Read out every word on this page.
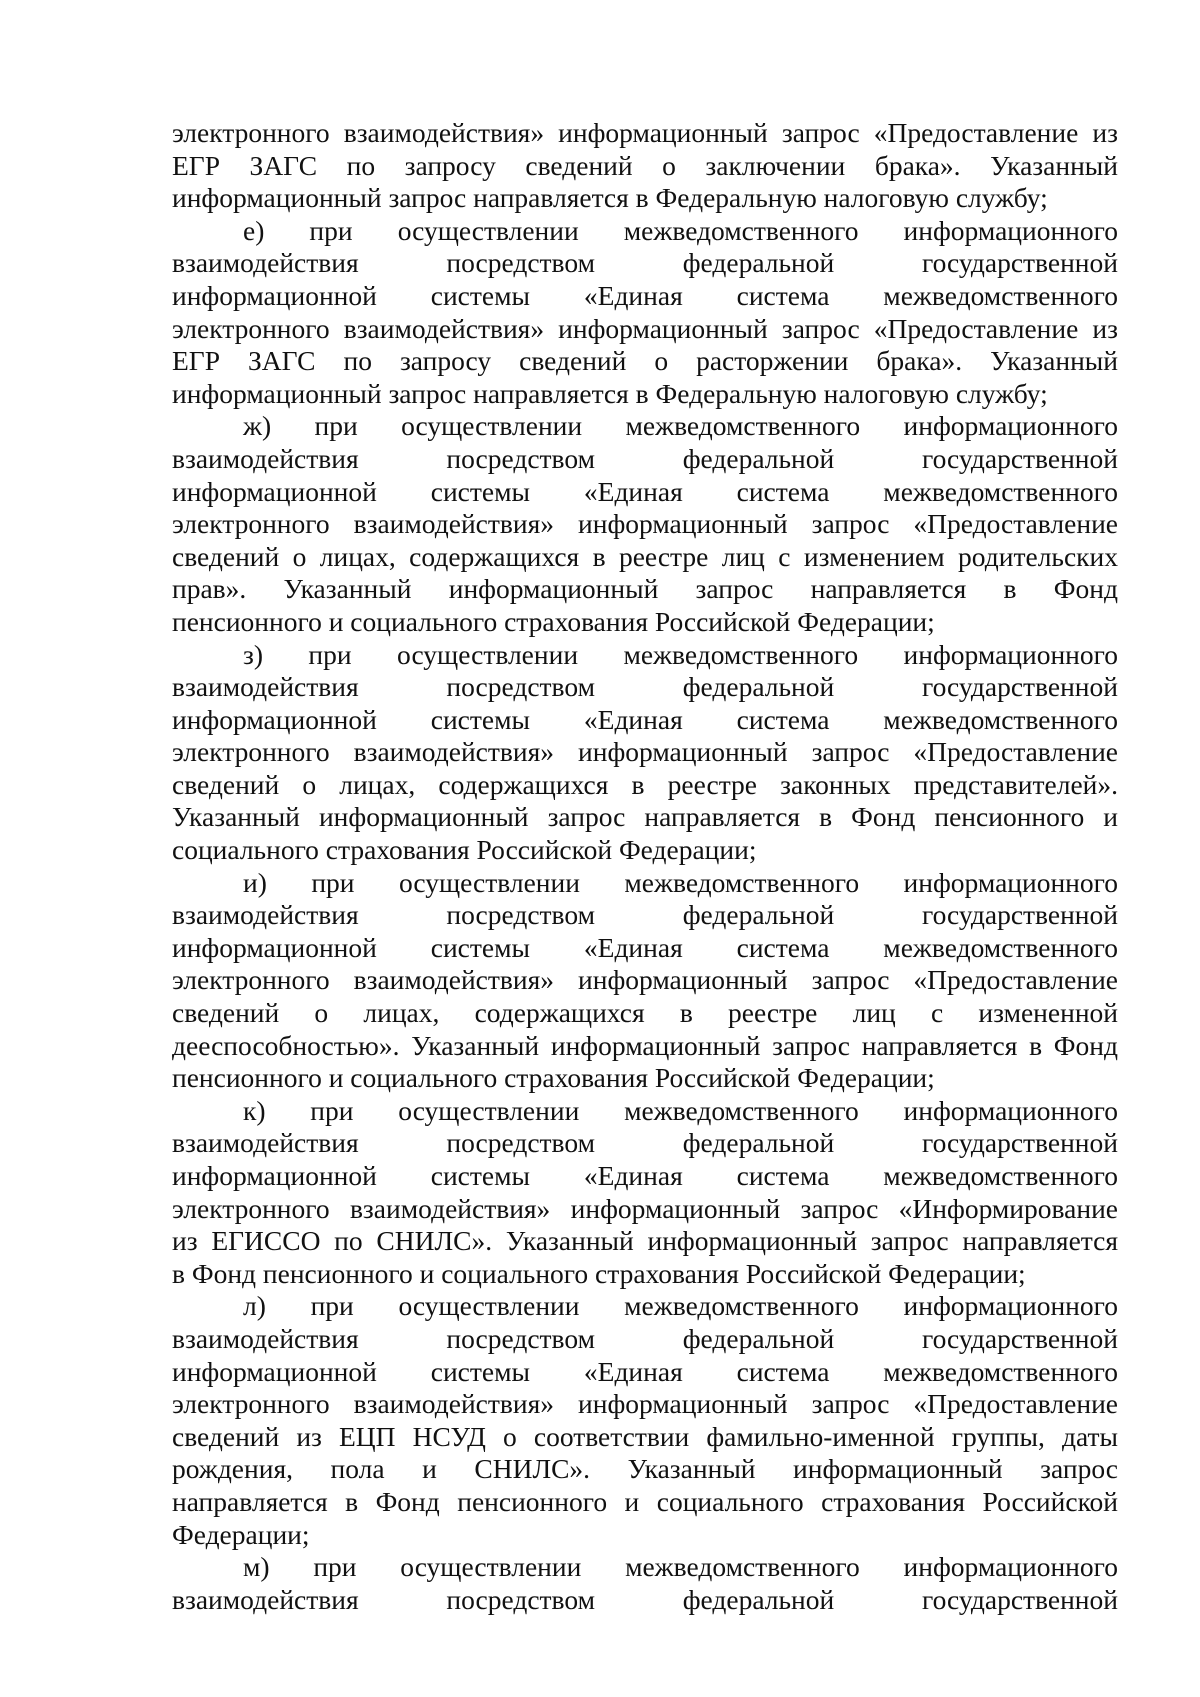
электронного взаимодействия» информационный запрос «Предоставление из
ЕГР ЗАГС по запросу сведений о заключении брака». Указанный
информационный запрос направляется в Федеральную налоговую службу;
е) при осуществлении межведомственного информационного
взаимодействия посредством федеральной государственной
информационной системы «Единая система межведомственного
электронного взаимодействия» информационный запрос «Предоставление из
ЕГР ЗАГС по запросу сведений о расторжении брака». Указанный
информационный запрос направляется в Федеральную налоговую службу;
ж) при осуществлении межведомственного информационного
взаимодействия посредством федеральной государственной
информационной системы «Единая система межведомственного
электронного взаимодействия» информационный запрос «Предоставление
сведений о лицах, содержащихся в реестре лиц с изменением родительских
прав». Указанный информационный запрос направляется в Фонд
пенсионного и социального страхования Российской Федерации;
з) при осуществлении межведомственного информационного
взаимодействия посредством федеральной государственной
информационной системы «Единая система межведомственного
электронного взаимодействия» информационный запрос «Предоставление
сведений о лицах, содержащихся в реестре законных представителей».
Указанный информационный запрос направляется в Фонд пенсионного и
социального страхования Российской Федерации;
и) при осуществлении межведомственного информационного
взаимодействия посредством федеральной государственной
информационной системы «Единая система межведомственного
электронного взаимодействия» информационный запрос «Предоставление
сведений о лицах, содержащихся в реестре лиц с измененной
дееспособностью». Указанный информационный запрос направляется в Фонд
пенсионного и социального страхования Российской Федерации;
к) при осуществлении межведомственного информационного
взаимодействия посредством федеральной государственной
информационной системы «Единая система межведомственного
электронного взаимодействия» информационный запрос «Информирование
из ЕГИССО по СНИЛС». Указанный информационный запрос направляется
в Фонд пенсионного и социального страхования Российской Федерации;
л) при осуществлении межведомственного информационного
взаимодействия посредством федеральной государственной
информационной системы «Единая система межведомственного
электронного взаимодействия» информационный запрос «Предоставление
сведений из ЕЦП НСУД о соответствии фамильно-именной группы, даты
рождения, пола и СНИЛС». Указанный информационный запрос
направляется в Фонд пенсионного и социального страхования Российской
Федерации;
м) при осуществлении межведомственного информационного
взаимодействия посредством федеральной государственной
